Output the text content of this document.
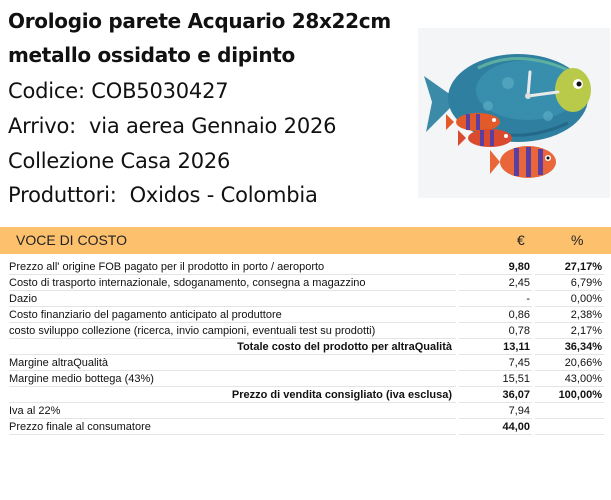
Orologio parete Acquario 28x22cm
metallo ossidato e dipinto
Codice: COB5030427
Arrivo:  via aerea Gennaio 2026
Collezione Casa 2026
Produttori:  Oxidos - Colombia
VOCE DI COSTO	€	%
Prezzo all' origine FOB pagato per il prodotto in porto / aeroporto	9,80	27,17%
Costo di trasporto internazionale, sdoganamento, consegna a magazzino	2,45	6,79%
Dazio	-	0,00%
Costo finanziario del pagamento anticipato al produttore	0,86	2,38%
costo sviluppo collezione (ricerca, invio campioni, eventuali test su prodotti)	0,78	2,17%
Totale costo del prodotto per altraQualità	13,11	36,34%
Margine altraQualità	7,45	20,66%
Margine medio bottega (43%)	15,51	43,00%
Prezzo di vendita consigliato (iva esclusa)	36,07	100,00%
Iva al 22%	7,94
Prezzo finale al consumatore	44,00
